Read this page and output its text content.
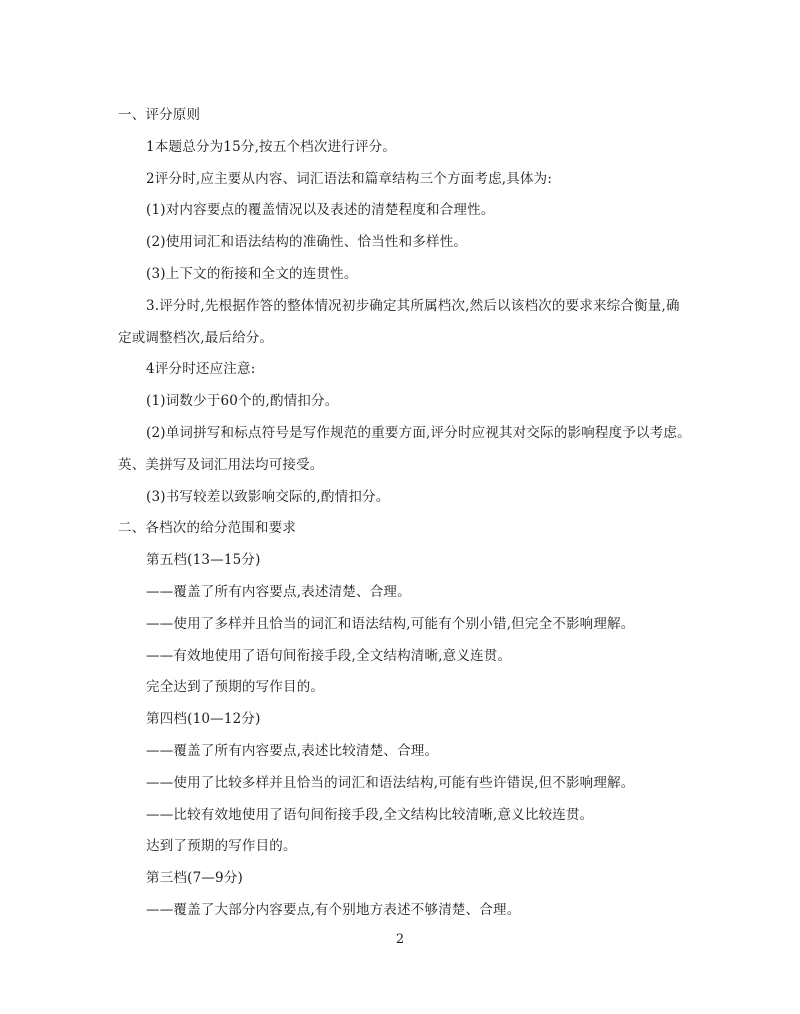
一、评分原则
1本题总分为15分,按五个档次进行评分。
2评分时,应主要从内容、词汇语法和篇章结构三个方面考虑,具体为:
(1)对内容要点的覆盖情况以及表述的清楚程度和合理性。
(2)使用词汇和语法结构的准确性、恰当性和多样性。
(3)上下文的衔接和全文的连贯性。
3.评分时,先根据作答的整体情况初步确定其所属档次,然后以该档次的要求来综合衡量,确
定或调整档次,最后给分。
4评分时还应注意:
(1)词数少于60个的,酌情扣分。
(2)单词拼写和标点符号是写作规范的重要方面,评分时应视其对交际的影响程度予以考虑。
英、美拼写及词汇用法均可接受。
(3)书写较差以致影响交际的,酌情扣分。
二、各档次的给分范围和要求
第五档(13—15分)
——覆盖了所有内容要点,表述清楚、合理。
——使用了多样并且恰当的词汇和语法结构,可能有个别小错,但完全不影响理解。
——有效地使用了语句间衔接手段,全文结构清晰,意义连贯。
完全达到了预期的写作目的。
第四档(10—12分)
——覆盖了所有内容要点,表述比较清楚、合理。
——使用了比较多样并且恰当的词汇和语法结构,可能有些许错误,但不影响理解。
——比较有效地使用了语句间衔接手段,全文结构比较清晰,意义比较连贯。
达到了预期的写作目的。
第三档(7—9分)
——覆盖了大部分内容要点,有个别地方表述不够清楚、合理。
2
